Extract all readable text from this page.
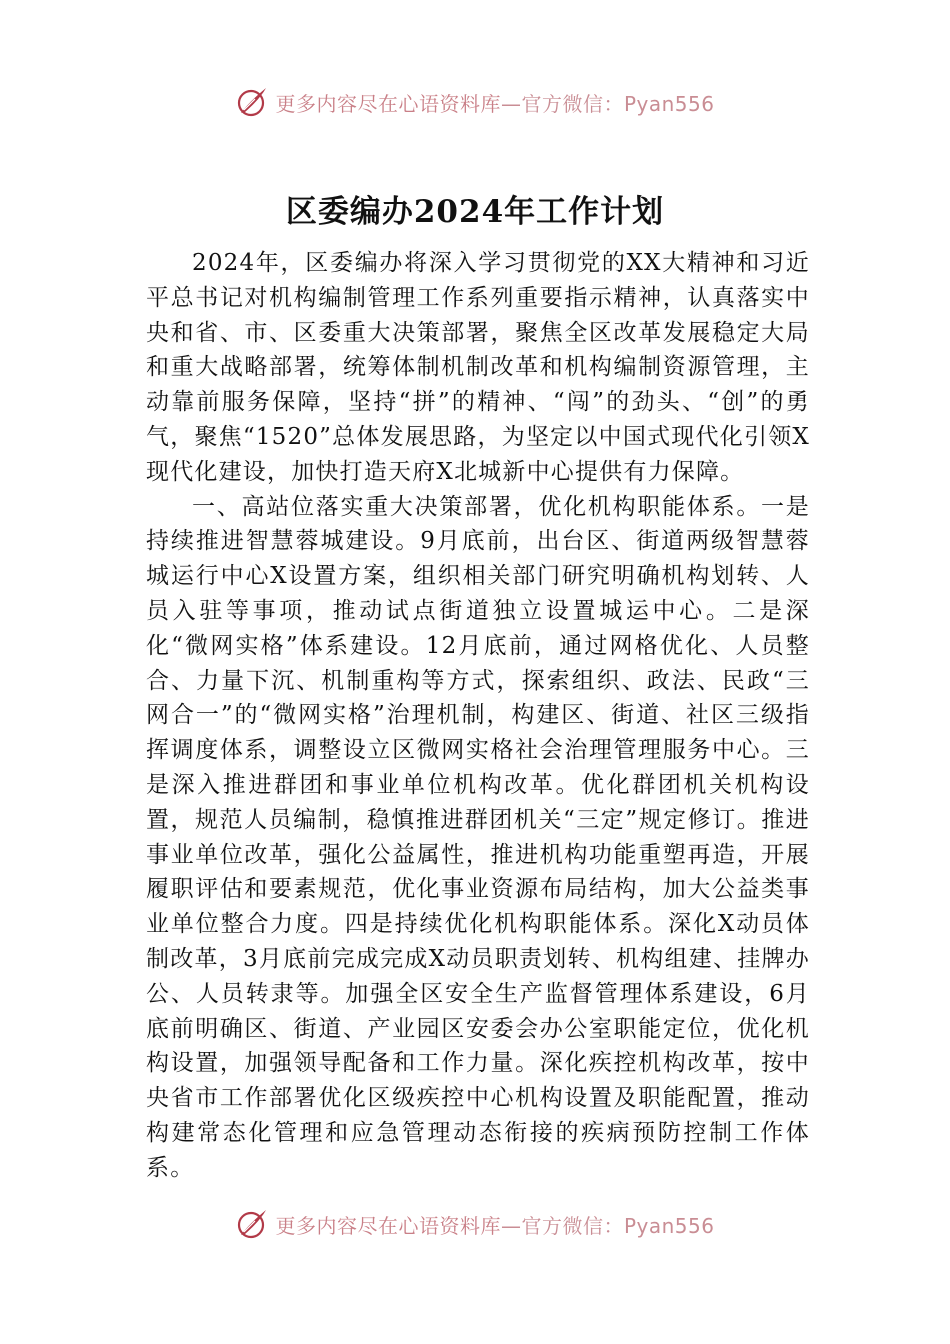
更多内容尽在心语资料库—官方微信：Pyan556
区委编办2024年工作计划

2024年，区委编办将深入学习贯彻党的XX大精神和习近平总书记对机构编制管理工作系列重要指示精神，认真落实中央和省、市、区委重大决策部署，聚焦全区改革发展稳定大局和重大战略部署，统筹体制机制改革和机构编制资源管理，主动靠前服务保障，坚持“拼”的精神、“闯”的劲头、“创”的勇气，聚焦“1520”总体发展思路，为坚定以中国式现代化引领X现代化建设，加快打造天府X北城新中心提供有力保障。

一、高站位落实重大决策部署，优化机构职能体系。一是持续推进智慧蓉城建设。9月底前，出台区、街道两级智慧蓉城运行中心X设置方案，组织相关部门研究明确机构划转、人员入驻等事项，推动试点街道独立设置城运中心。二是深化“微网实格”体系建设。12月底前，通过网格优化、人员整合、力量下沉、机制重构等方式，探索组织、政法、民政“三网合一”的“微网实格”治理机制，构建区、街道、社区三级指挥调度体系，调整设立区微网实格社会治理管理服务中心。三是深入推进群团和事业单位机构改革。优化群团机关机构设置，规范人员编制，稳慎推进群团机关“三定”规定修订。推进事业单位改革，强化公益属性，推进机构功能重塑再造，开展履职评估和要素规范，优化事业资源布局结构，加大公益类事业单位整合力度。四是持续优化机构职能体系。深化X动员体制改革，3月底前完成完成X动员职责划转、机构组建、挂牌办公、人员转隶等。加强全区安全生产监督管理体系建设，6月底前明确区、街道、产业园区安委会办公室职能定位，优化机构设置，加强领导配备和工作力量。深化疾控机构改革，按中央省市工作部署优化区级疾控中心机构设置及职能配置，推动构建常态化管理和应急管理动态衔接的疾病预防控制工作体系。

更多内容尽在心语资料库—官方微信：Pyan556
